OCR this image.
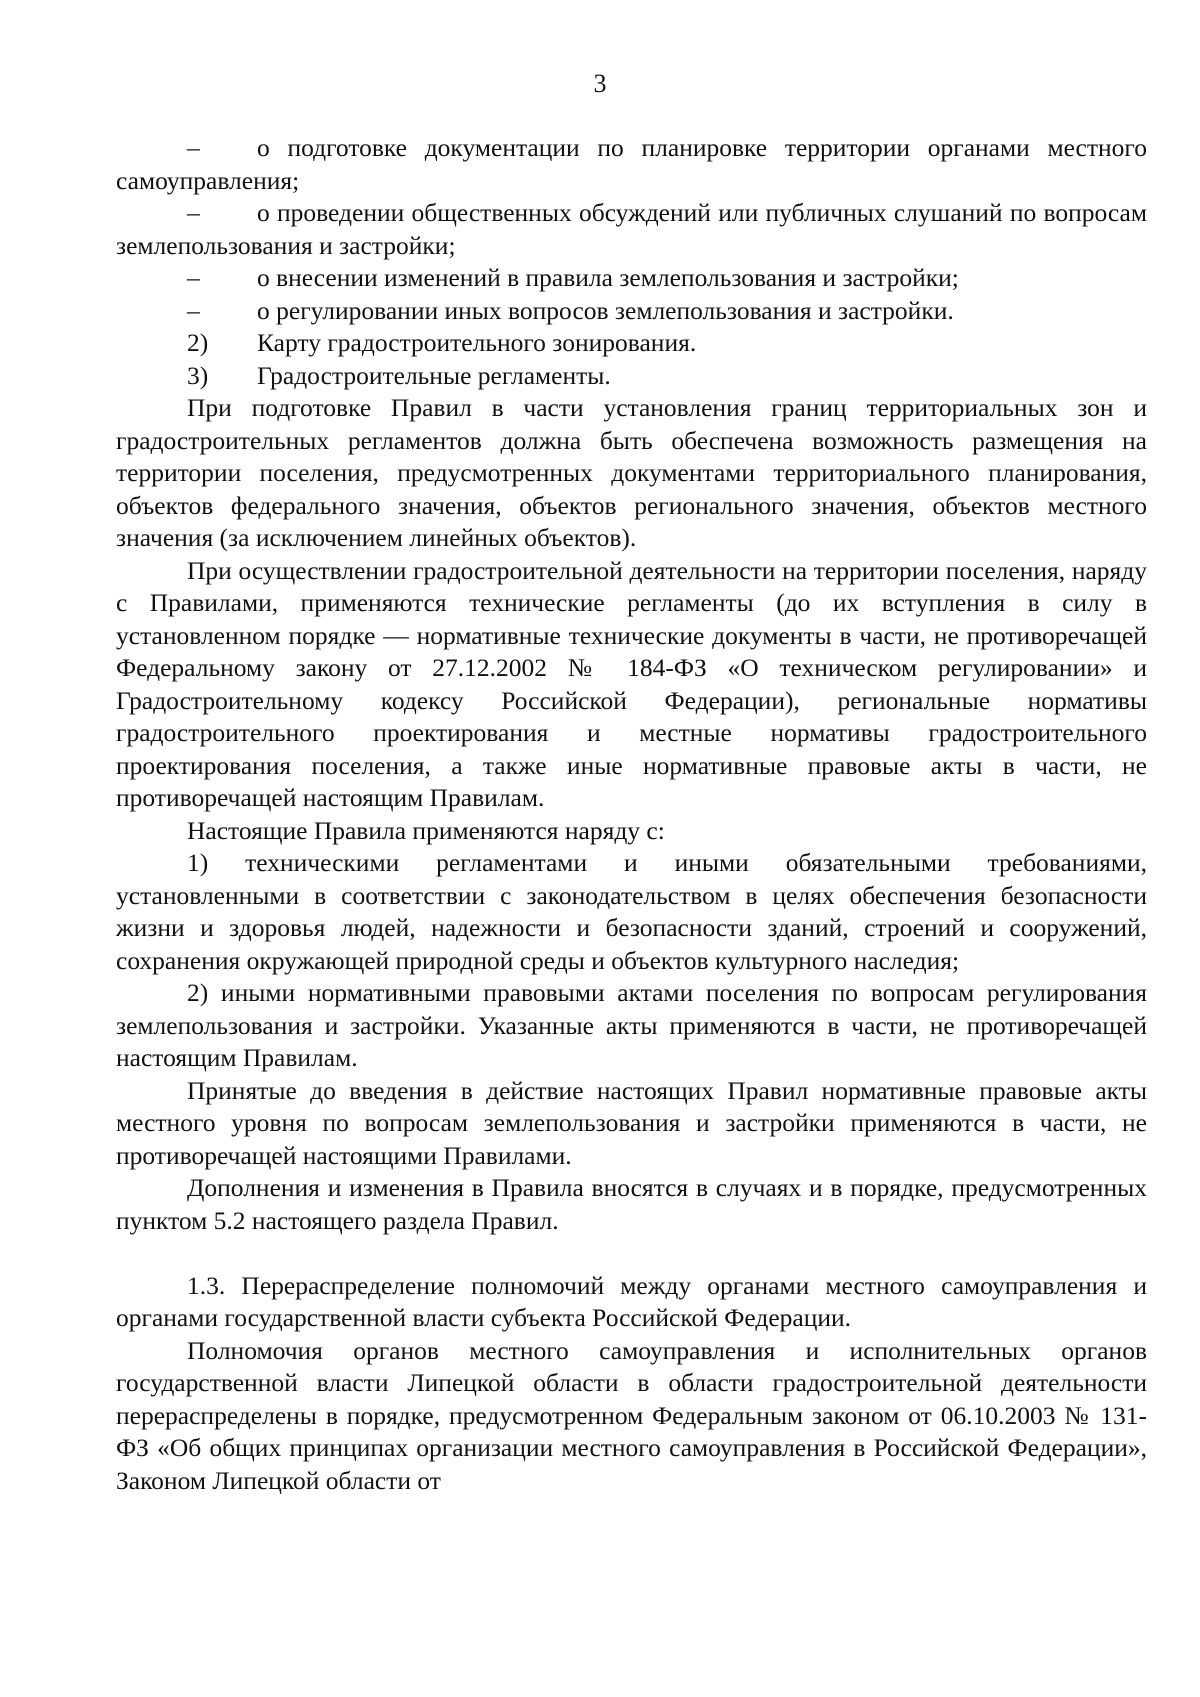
3
– о подготовке документации по планировке территории органами местного самоуправления;
– о проведении общественных обсуждений или публичных слушаний по вопросам землепользования и застройки;
–	о внесении изменений в правила землепользования и застройки;
–	о регулировании иных вопросов землепользования и застройки.
2)	Карту градостроительного зонирования.
3)	Градостроительные регламенты.

При подготовке Правил в части установления границ территориальных зон и градостроительных регламентов должна быть обеспечена возможность размещения на территории поселения, предусмотренных документами территориального планирования, объектов федерального значения, объектов регионального значения, объектов местного значения (за исключением линейных объектов).

При осуществлении градостроительной деятельности на территории поселения, наряду с Правилами, применяются технические регламенты (до их вступления в силу в установленном порядке — нормативные технические документы в части, не противоречащей Федеральному закону от 27.12.2002 № 184-ФЗ «О техническом регулировании» и Градостроительному кодексу Российской Федерации), региональные нормативы градостроительного проектирования и местные нормативы градостроительного проектирования поселения, а также иные нормативные правовые акты в части, не противоречащей настоящим Правилам.

Настоящие Правила применяются наряду с:

1) техническими регламентами и иными обязательными требованиями, установленными в соответствии с законодательством в целях обеспечения безопасности жизни и здоровья людей, надежности и безопасности зданий, строений и сооружений, сохранения окружающей природной среды и объектов культурного наследия;

2) иными нормативными правовыми актами поселения по вопросам регулирования землепользования и застройки. Указанные акты применяются в части, не противоречащей настоящим Правилам.

Принятые до введения в действие настоящих Правил нормативные правовые акты местного уровня по вопросам землепользования и застройки применяются в части, не противоречащей настоящими Правилами.

Дополнения и изменения в Правила вносятся в случаях и в порядке, предусмотренных пунктом 5.2 настоящего раздела Правил.

1.3. Перераспределение полномочий между органами местного самоуправления и органами государственной власти субъекта Российской Федерации.

Полномочия органов местного самоуправления и исполнительных органов государственной власти Липецкой области в области градостроительной деятельности перераспределены в порядке, предусмотренном Федеральным законом от 06.10.2003 № 131-ФЗ «Об общих принципах организации местного самоуправления в Российской Федерации», Законом Липецкой области от
